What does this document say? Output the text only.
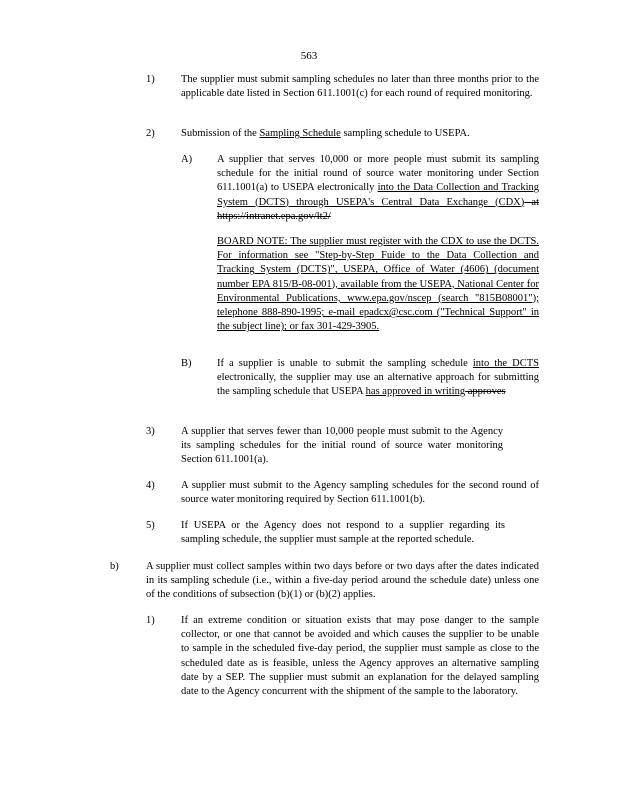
563
1)	The supplier must submit sampling schedules no later than three months prior to the applicable date listed in Section 611.1001(c) for each round of required monitoring.
2)	Submission of the Sampling Schedule sampling schedule to USEPA.
A) A supplier that serves 10,000 or more people must submit its sampling schedule for the initial round of source water monitoring under Section 611.1001(a) to USEPA electronically into the Data Collection and Tracking System (DCTS) through USEPA's Central Data Exchange (CDX) at https://intranet.epa.gov/lt2/
BOARD NOTE: The supplier must register with the CDX to use the DCTS. For information see "Step-by-Step Fuide to the Data Collection and Tracking System (DCTS)", USEPA, Office of Water (4606) (document number EPA 815/B-08-001), available from the USEPA, National Center for Environmental Publications, www.epa.gov/nscep (search "815B08001"); telephone 888-890-1995; e-mail epadcx@csc.com ("Technical Support" in the subject line); or fax 301-429-3905.
B) If a supplier is unable to submit the sampling schedule into the DCTS electronically, the supplier may use an alternative approach for submitting the sampling schedule that USEPA has approved in writing approves
3)	A supplier that serves fewer than 10,000 people must submit to the Agency its sampling schedules for the initial round of source water monitoring Section 611.1001(a).
4)	A supplier must submit to the Agency sampling schedules for the second round of source water monitoring required by Section 611.1001(b).
5)	If USEPA or the Agency does not respond to a supplier regarding its sampling schedule, the supplier must sample at the reported schedule.
b)	A supplier must collect samples within two days before or two days after the dates indicated in its sampling schedule (i.e., within a five-day period around the schedule date) unless one of the conditions of subsection (b)(1) or (b)(2) applies.
1)	If an extreme condition or situation exists that may pose danger to the sample collector, or one that cannot be avoided and which causes the supplier to be unable to sample in the scheduled five-day period, the supplier must sample as close to the scheduled date as is feasible, unless the Agency approves an alternative sampling date by a SEP. The supplier must submit an explanation for the delayed sampling date to the Agency concurrent with the shipment of the sample to the laboratory.
